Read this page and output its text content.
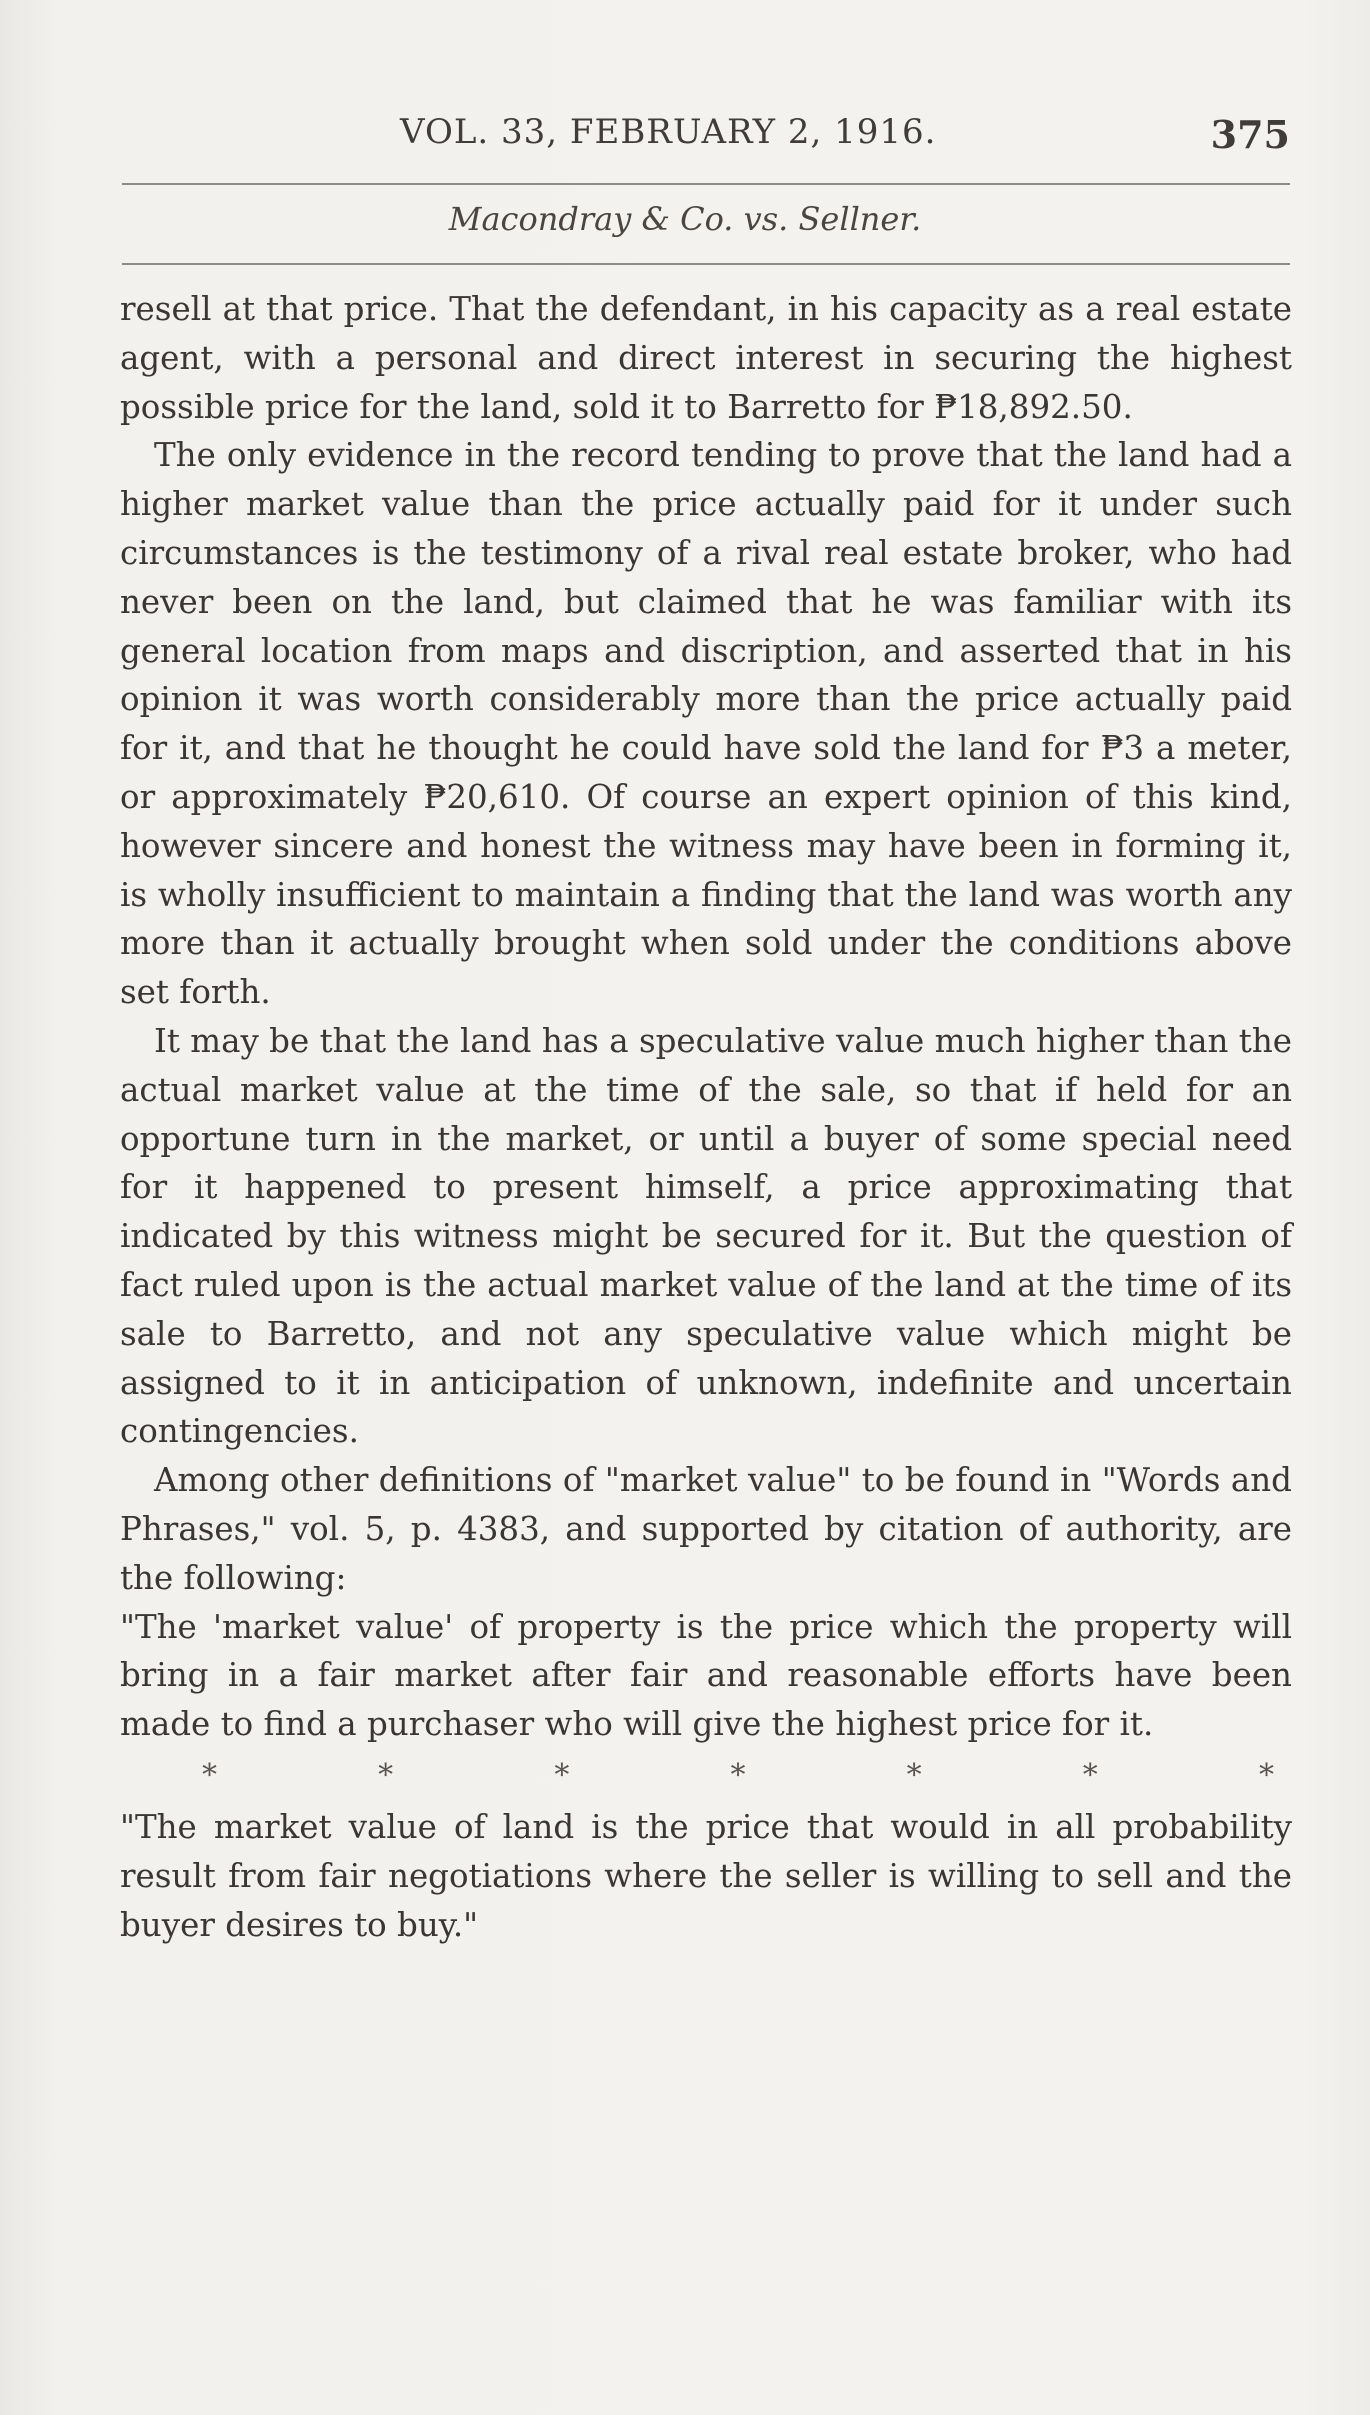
VOL. 33, FEBRUARY 2, 1916.	375
Macondray & Co. vs. Sellner.

resell at that price. That the defendant, in his capacity as a real estate agent, with a personal and direct interest in securing the highest possible price for the land, sold it to Barretto for ₱18,892.50.

The only evidence in the record tending to prove that the land had a higher market value than the price actually paid for it under such circumstances is the testimony of a rival real estate broker, who had never been on the land, but claimed that he was familiar with its general location from maps and discription, and asserted that in his opinion it was worth considerably more than the price actually paid for it, and that he thought he could have sold the land for ₱3 a meter, or approximately ₱20,610. Of course an expert opinion of this kind, however sincere and honest the witness may have been in forming it, is wholly insufficient to maintain a finding that the land was worth any more than it actually brought when sold under the conditions above set forth.

It may be that the land has a speculative value much higher than the actual market value at the time of the sale, so that if held for an opportune turn in the market, or until a buyer of some special need for it happened to present himself, a price approximating that indicated by this witness might be secured for it. But the question of fact ruled upon is the actual market value of the land at the time of its sale to Barretto, and not any speculative value which might be assigned to it in anticipation of unknown, indefinite and uncertain contingencies.

Among other definitions of "market value" to be found in "Words and Phrases," vol. 5, p. 4383, and supported by citation of authority, are the following:

"The 'market value' of property is the price which the property will bring in a fair market after fair and reasonable efforts have been made to find a purchaser who will give the highest price for it.

*	*	*	*	*	*	*

"The market value of land is the price that would in all probability result from fair negotiations where the seller is willing to sell and the buyer desires to buy."
